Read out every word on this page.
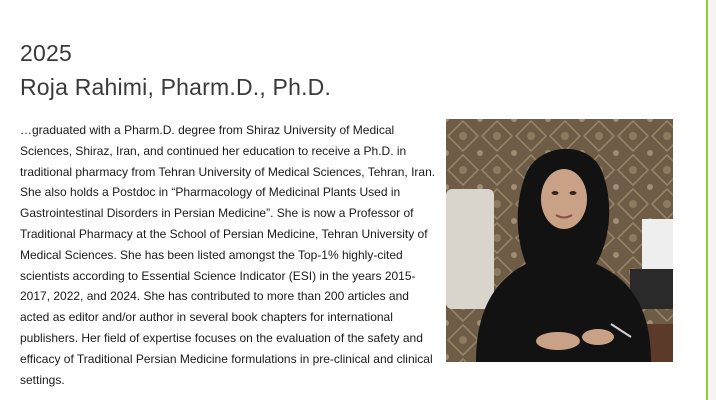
2025
Roja Rahimi, Pharm.D., Ph.D.
…graduated with a Pharm.D. degree from Shiraz University of Medical Sciences, Shiraz, Iran, and continued her education to receive a Ph.D. in traditional pharmacy from Tehran University of Medical Sciences, Tehran, Iran. She also holds a Postdoc in “Pharmacology of Medicinal Plants Used in Gastrointestinal Disorders in Persian Medicine”. She is now a Professor of Traditional Pharmacy at the School of Persian Medicine, Tehran University of Medical Sciences. She has been listed amongst the Top-1% highly-cited scientists according to Essential Science Indicator (ESI) in the years 2015-2017, 2022, and 2024. She has contributed to more than 200 articles and acted as editor and/or author in several book chapters for international publishers. Her field of expertise focuses on the evaluation of the safety and efficacy of Traditional Persian Medicine formulations in pre-clinical and clinical settings.
